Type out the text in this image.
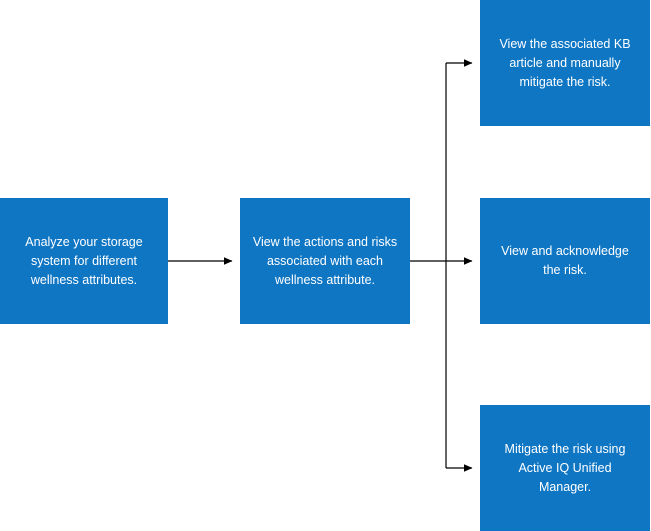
Analyze your storage system for different wellness attributes.
View the actions and risks associated with each wellness attribute.
View the associated KB article and manually mitigate the risk.
View and acknowledge the risk.
Mitigate the risk using Active IQ Unified Manager.
